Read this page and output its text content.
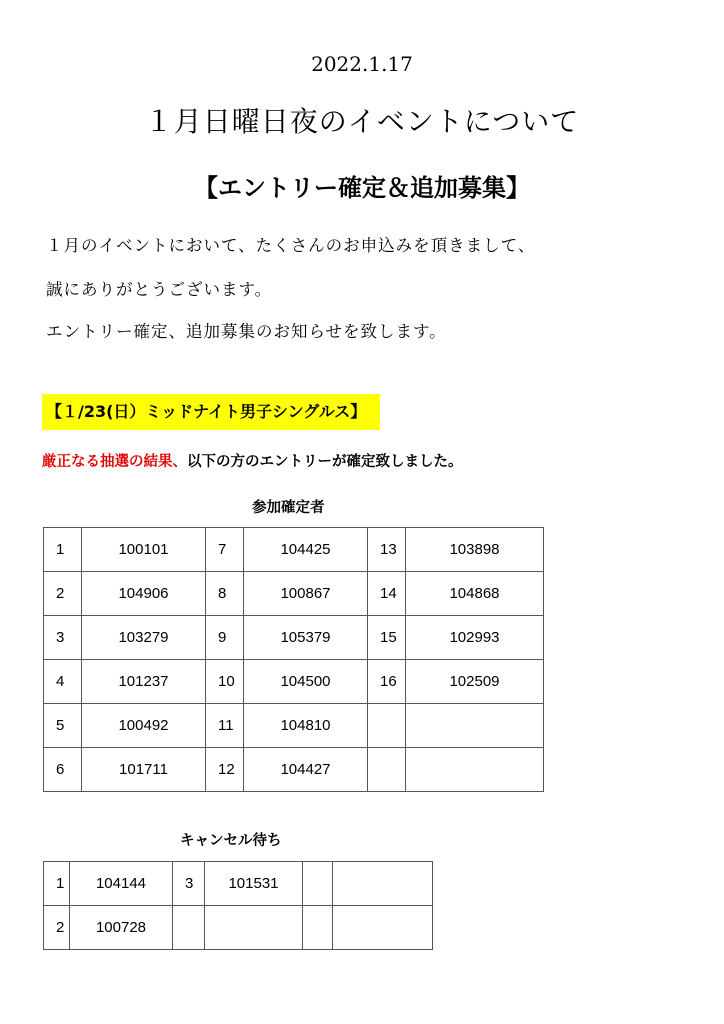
2022.1.17
１月日曜日夜のイベントについて
【エントリー確定＆追加募集】
１月のイベントにおいて、たくさんのお申込みを頂きまして、
誠にありがとうございます。
エントリー確定、追加募集のお知らせを致します。
【１/23(日）ミッドナイト男子シングルス】
厳正なる抽選の結果、以下の方のエントリーが確定致しました。
参加確定者
1	100101	7	104425	13	103898
2	104906	8	100867	14	104868
3	103279	9	105379	15	102993
4	101237	10	104500	16	102509
5	100492	11	104810		
6	101711	12	104427		
キャンセル待ち
1	104144	3	101531		
2	100728				
